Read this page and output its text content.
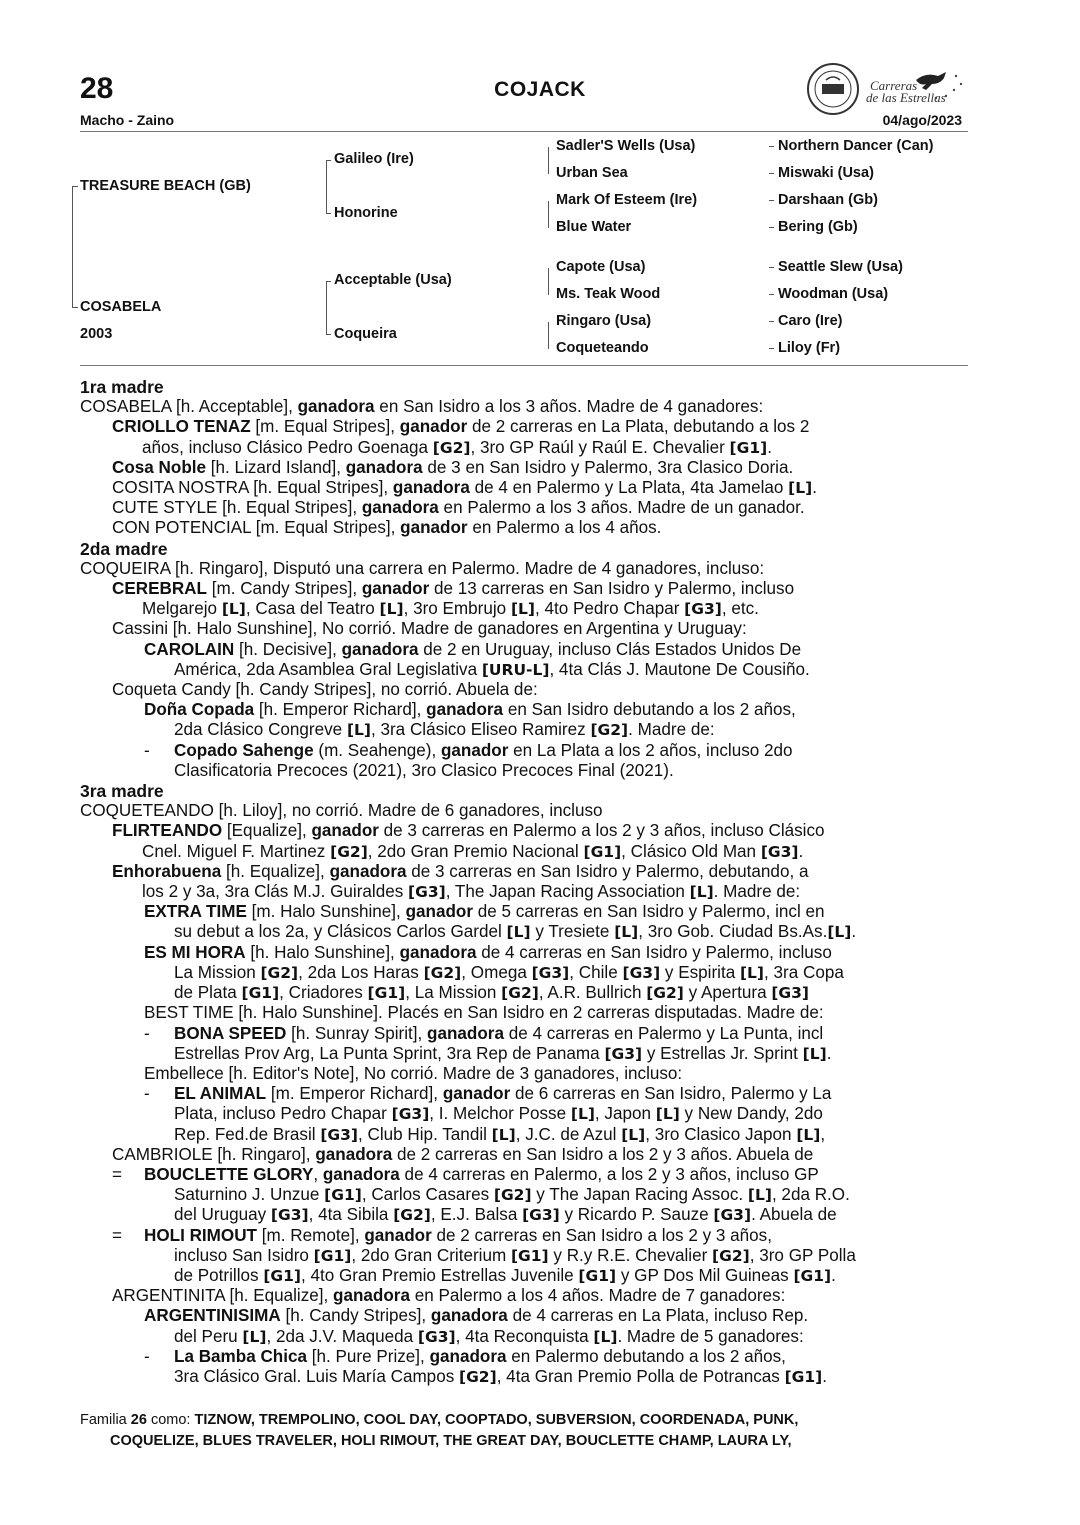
28	COJACK
Macho - Zaino	04/ago/2023
Carreras
de las Estrellas
TREASURE BEACH (GB)
COSABELA
2003
Galileo (Ire)
Honorine
Acceptable (Usa)
Coqueira
Sadler'S Wells (Usa)
Urban Sea
Mark Of Esteem (Ire)
Blue Water
Capote (Usa)
Ms. Teak Wood
Ringaro (Usa)
Coqueteando
Northern Dancer (Can)
Miswaki (Usa)
Darshaan (Gb)
Bering (Gb)
Seattle Slew (Usa)
Woodman (Usa)
Caro (Ire)
Liloy (Fr)

1ra madre

COSABELA [h. Acceptable], ganadora en San Isidro a los 3 años. Madre de 4 ganadores:

CRIOLLO TENAZ [m. Equal Stripes], ganador de 2 carreras en La Plata, debutando a los 2

años, incluso Clásico Pedro Goenaga [G2], 3ro GP Raúl y Raúl E. Chevalier [G1].

Cosa Noble [h. Lizard Island], ganadora de 3 en San Isidro y Palermo, 3ra Clasico Doria.

COSITA NOSTRA [h. Equal Stripes], ganadora de 4 en Palermo y La Plata, 4ta Jamelao [L].

CUTE STYLE [h. Equal Stripes], ganadora en Palermo a los 3 años. Madre de un ganador.

CON POTENCIAL [m. Equal Stripes], ganador en Palermo a los 4 años.

2da madre

COQUEIRA [h. Ringaro], Disputó una carrera en Palermo. Madre de 4 ganadores, incluso:

CEREBRAL [m. Candy Stripes], ganador de 13 carreras en San Isidro y Palermo, incluso

Melgarejo [L], Casa del Teatro [L], 3ro Embrujo [L], 4to Pedro Chapar [G3], etc.

Cassini [h. Halo Sunshine], No corrió. Madre de ganadores en Argentina y Uruguay:

CAROLAIN [h. Decisive], ganadora de 2 en Uruguay, incluso Clás Estados Unidos De

América, 2da Asamblea Gral Legislativa [URU-L], 4ta Clás J. Mautone De Cousiño.

Coqueta Candy [h. Candy Stripes], no corrió. Abuela de:

Doña Copada [h. Emperor Richard], ganadora en San Isidro debutando a los 2 años,

2da Clásico Congreve [L], 3ra Clásico Eliseo Ramirez [G2]. Madre de:

- Copado Sahenge (m. Seahenge), ganador en La Plata a los 2 años, incluso 2do

Clasificatoria Precoces (2021), 3ro Clasico Precoces Final (2021).

3ra madre

COQUETEANDO [h. Liloy], no corrió. Madre de 6 ganadores, incluso

FLIRTEANDO [Equalize], ganador de 3 carreras en Palermo a los 2 y 3 años, incluso Clásico

Cnel. Miguel F. Martinez [G2], 2do Gran Premio Nacional [G1], Clásico Old Man [G3].

Enhorabuena [h. Equalize], ganadora de 3 carreras en San Isidro y Palermo, debutando, a

los 2 y 3a, 3ra Clás M.J. Guiraldes [G3], The Japan Racing Association [L]. Madre de:

EXTRA TIME [m. Halo Sunshine], ganador de 5 carreras en San Isidro y Palermo, incl en

su debut a los 2a, y Clásicos Carlos Gardel [L] y Tresiete [L], 3ro Gob. Ciudad Bs.As.[L].

ES MI HORA [h. Halo Sunshine], ganadora de 4 carreras en San Isidro y Palermo, incluso

La Mission [G2], 2da Los Haras [G2], Omega [G3], Chile [G3] y Espirita [L], 3ra Copa

de Plata [G1], Criadores [G1], La Mission [G2], A.R. Bullrich [G2] y Apertura [G3]

BEST TIME [h. Halo Sunshine]. Placés en San Isidro en 2 carreras disputadas. Madre de:

- BONA SPEED [h. Sunray Spirit], ganadora de 4 carreras en Palermo y La Punta, incl

Estrellas Prov Arg, La Punta Sprint, 3ra Rep de Panama [G3] y Estrellas Jr. Sprint [L].

Embellece [h. Editor's Note], No corrió. Madre de 3 ganadores, incluso:

- EL ANIMAL [m. Emperor Richard], ganador de 6 carreras en San Isidro, Palermo y La

Plata, incluso Pedro Chapar [G3], I. Melchor Posse [L], Japon [L] y New Dandy, 2do

Rep. Fed.de Brasil [G3], Club Hip. Tandil [L], J.C. de Azul [L], 3ro Clasico Japon [L],

CAMBRIOLE [h. Ringaro], ganadora de 2 carreras en San Isidro a los 2 y 3 años. Abuela de

= BOUCLETTE GLORY, ganadora de 4 carreras en Palermo, a los 2 y 3 años, incluso GP

Saturnino J. Unzue [G1], Carlos Casares [G2] y The Japan Racing Assoc. [L], 2da R.O.

del Uruguay [G3], 4ta Sibila [G2], E.J. Balsa [G3] y Ricardo P. Sauze [G3]. Abuela de

= HOLI RIMOUT [m. Remote], ganador de 2 carreras en San Isidro a los 2 y 3 años,

incluso San Isidro [G1], 2do Gran Criterium [G1] y R.y R.E. Chevalier [G2], 3ro GP Polla

de Potrillos [G1], 4to Gran Premio Estrellas Juvenile [G1] y GP Dos Mil Guineas [G1].

ARGENTINITA [h. Equalize], ganadora en Palermo a los 4 años. Madre de 7 ganadores:

ARGENTINISIMA [h. Candy Stripes], ganadora de 4 carreras en La Plata, incluso Rep.

del Peru [L], 2da J.V. Maqueda [G3], 4ta Reconquista [L]. Madre de 5 ganadores:

- La Bamba Chica [h. Pure Prize], ganadora en Palermo debutando a los 2 años,

3ra Clásico Gral. Luis María Campos [G2], 4ta Gran Premio Polla de Potrancas [G1].

Familia 26 como: TIZNOW, TREMPOLINO, COOL DAY, COOPTADO, SUBVERSION, COORDENADA, PUNK,
COQUELIZE, BLUES TRAVELER, HOLI RIMOUT, THE GREAT DAY, BOUCLETTE CHAMP, LAURA LY,
